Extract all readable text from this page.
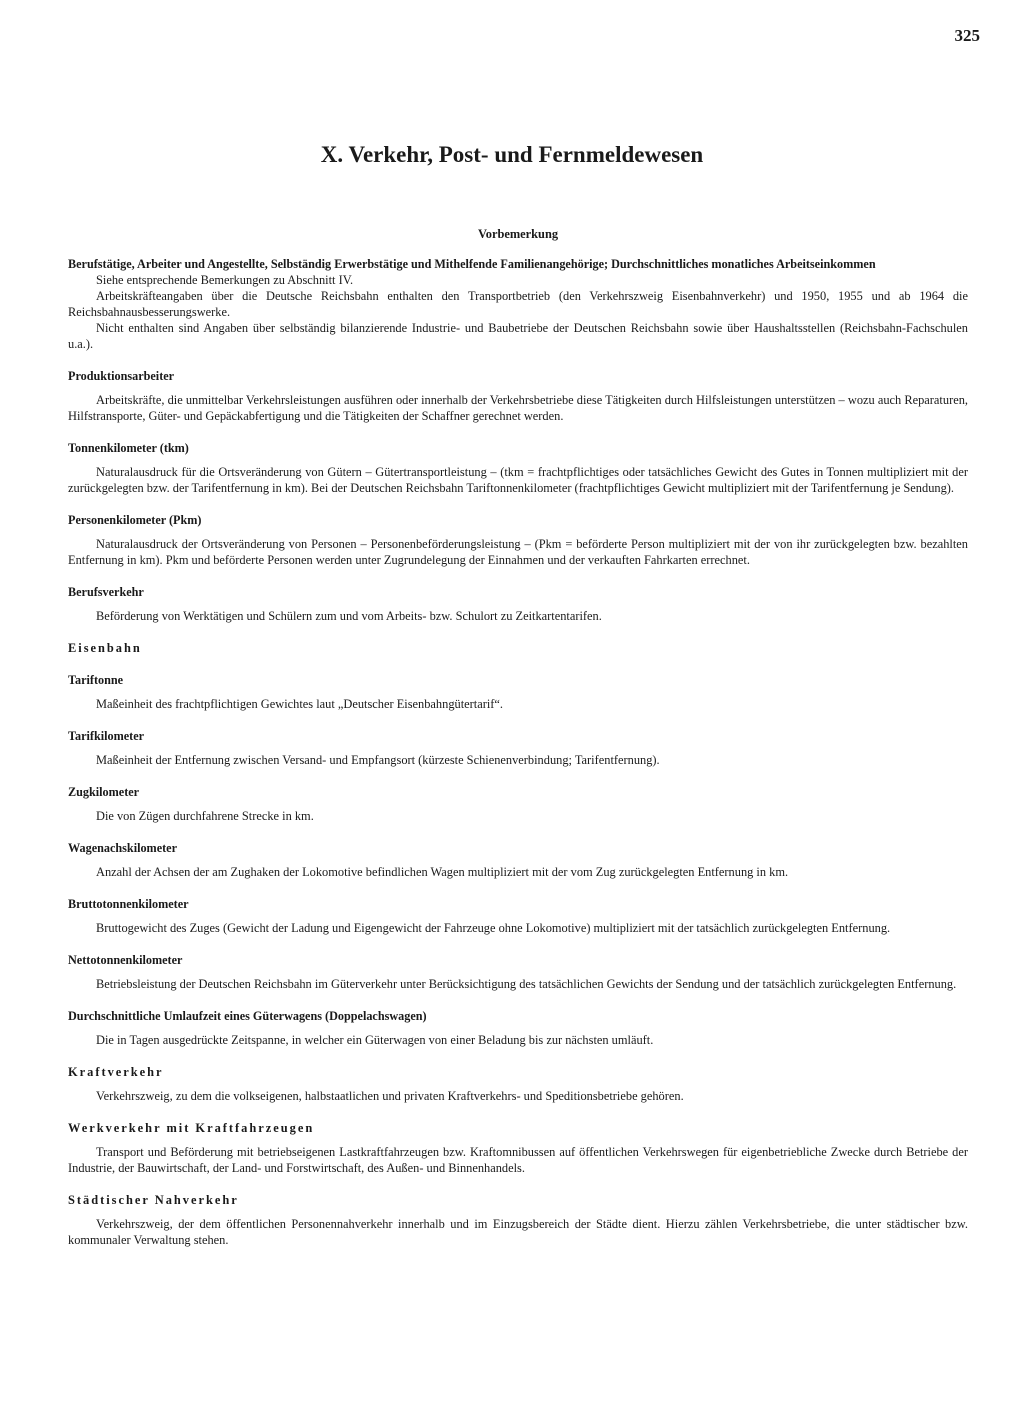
325
X. Verkehr, Post- und Fernmeldewesen
Vorbemerkung
Berufstätige, Arbeiter und Angestellte, Selbständig Erwerbstätige und Mithelfende Familienangehörige; Durchschnittliches monatliches Arbeitseinkommen

Siehe entsprechende Bemerkungen zu Abschnitt IV.

Arbeitskräfteangaben über die Deutsche Reichsbahn enthalten den Transportbetrieb (den Verkehrszweig Eisenbahnverkehr) und 1950, 1955 und ab 1964 die Reichsbahnausbesserungswerke.

Nicht enthalten sind Angaben über selbständig bilanzierende Industrie- und Baubetriebe der Deutschen Reichsbahn sowie über Haushaltsstellen (Reichsbahn-Fachschulen u.a.).

Produktionsarbeiter

Arbeitskräfte, die unmittelbar Verkehrsleistungen ausführen oder innerhalb der Verkehrsbetriebe diese Tätigkeiten durch Hilfsleistungen unterstützen – wozu auch Reparaturen, Hilfstransporte, Güter- und Gepäckabfertigung und die Tätigkeiten der Schaffner gerechnet werden.

Tonnenkilometer (tkm)

Naturalausdruck für die Ortsveränderung von Gütern – Gütertransportleistung – (tkm = frachtpflichtiges oder tatsächliches Gewicht des Gutes in Tonnen multipliziert mit der zurückgelegten bzw. der Tarifentfernung in km). Bei der Deutschen Reichsbahn Tariftonnenkilometer (frachtpflichtiges Gewicht multipliziert mit der Tarifentfernung je Sendung).

Personenkilometer (Pkm)

Naturalausdruck der Ortsveränderung von Personen – Personenbeförderungsleistung – (Pkm = beförderte Person multipliziert mit der von ihr zurückgelegten bzw. bezahlten Entfernung in km). Pkm und beförderte Personen werden unter Zugrundelegung der Einnahmen und der verkauften Fahrkarten errechnet.

Berufsverkehr

Beförderung von Werktätigen und Schülern zum und vom Arbeits- bzw. Schulort zu Zeitkartentarifen.

Eisenbahn
Tariftonne

Maßeinheit des frachtpflichtigen Gewichtes laut „Deutscher Eisenbahngütertarif“.

Tarifkilometer

Maßeinheit der Entfernung zwischen Versand- und Empfangsort (kürzeste Schienenverbindung; Tarifentfernung).

Zugkilometer

Die von Zügen durchfahrene Strecke in km.

Wagenachskilometer

Anzahl der Achsen der am Zughaken der Lokomotive befindlichen Wagen multipliziert mit der vom Zug zurückgelegten Entfernung in km.

Bruttotonnenkilometer

Bruttogewicht des Zuges (Gewicht der Ladung und Eigengewicht der Fahrzeuge ohne Lokomotive) multipliziert mit der tatsächlich zurückgelegten Entfernung.

Nettotonnenkilometer

Betriebsleistung der Deutschen Reichsbahn im Güterverkehr unter Berücksichtigung des tatsächlichen Gewichts der Sendung und der tatsächlich zurückgelegten Entfernung.

Durchschnittliche Umlaufzeit eines Güterwagens (Doppelachswagen)

Die in Tagen ausgedrückte Zeitspanne, in welcher ein Güterwagen von einer Beladung bis zur nächsten umläuft.

Kraftverkehr

Verkehrszweig, zu dem die volkseigenen, halbstaatlichen und privaten Kraftverkehrs- und Speditionsbetriebe gehören.

Werkverkehr mit Kraftfahrzeugen

Transport und Beförderung mit betriebseigenen Lastkraftfahrzeugen bzw. Kraftomnibussen auf öffentlichen Verkehrswegen für eigenbetriebliche Zwecke durch Betriebe der Industrie, der Bauwirtschaft, der Land- und Forstwirtschaft, des Außen- und Binnenhandels.

Städtischer Nahverkehr

Verkehrszweig, der dem öffentlichen Personennahverkehr innerhalb und im Einzugsbereich der Städte dient. Hierzu zählen Verkehrsbetriebe, die unter städtischer bzw. kommunaler Verwaltung stehen.
